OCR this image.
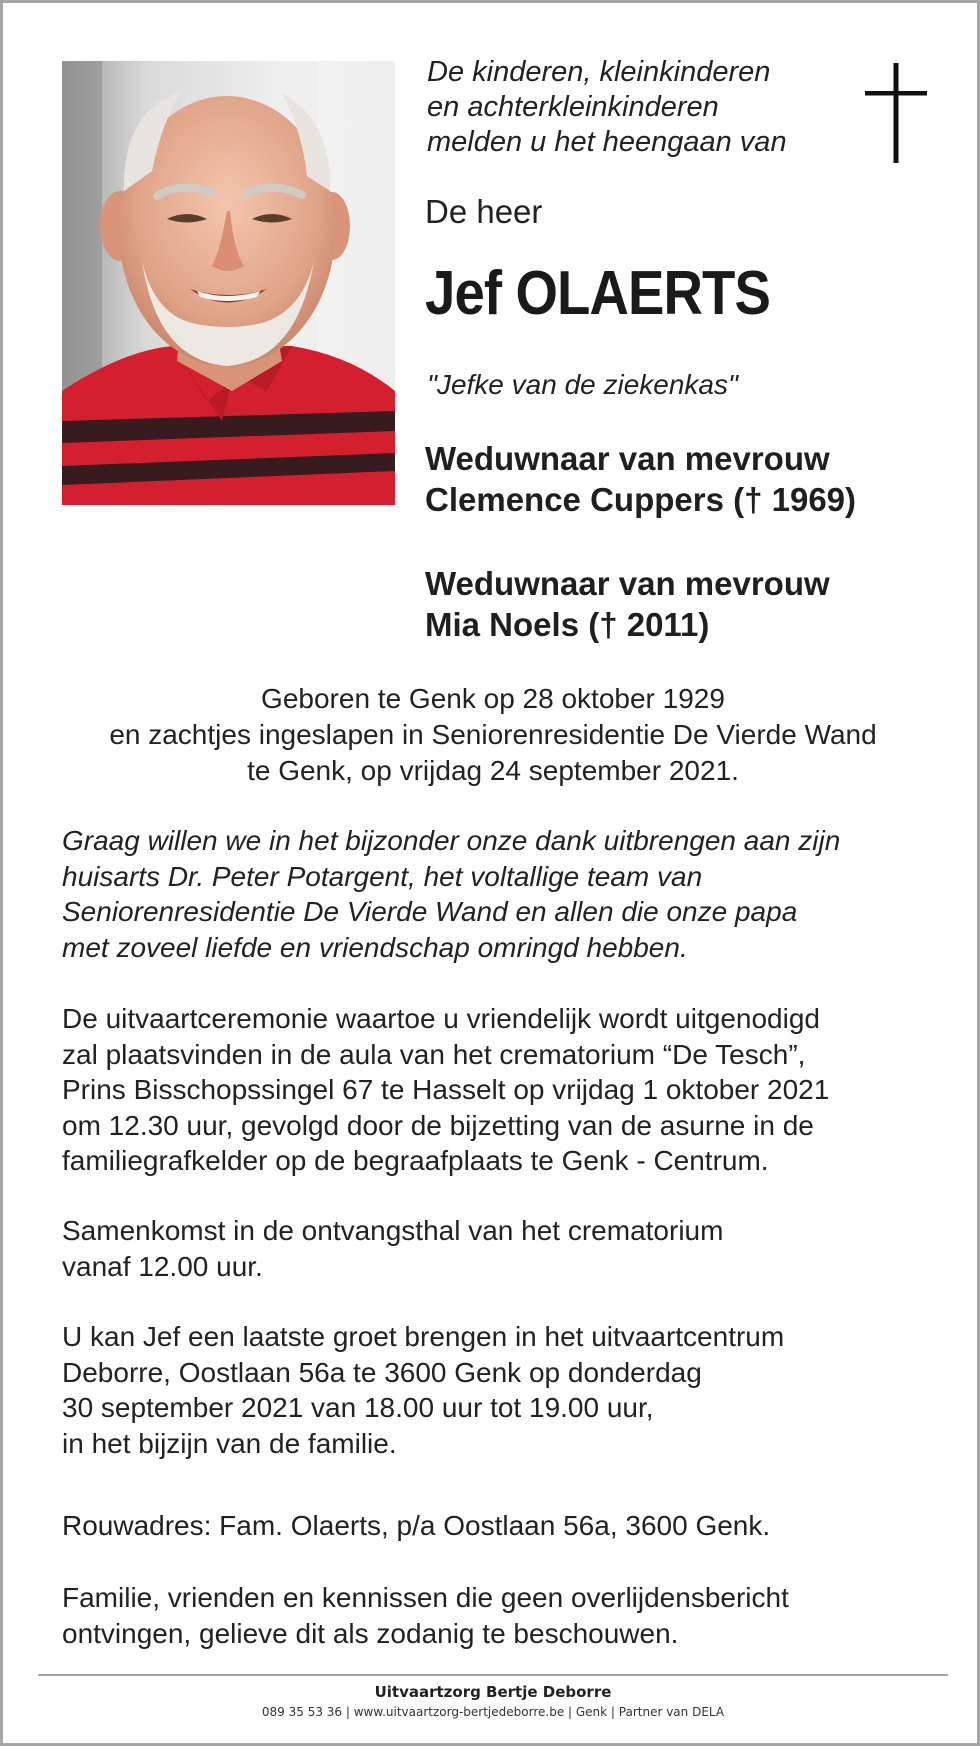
De kinderen, kleinkinderen
en achterkleinkinderen
melden u het heengaan van
De heer
Jef OLAERTS
"Jefke van de ziekenkas"
Weduwnaar van mevrouw
Clemence Cuppers († 1969)
Weduwnaar van mevrouw
Mia Noels († 2011)
Geboren te Genk op 28 oktober 1929
en zachtjes ingeslapen in Seniorenresidentie De Vierde Wand
te Genk, op vrijdag 24 september 2021.
Graag willen we in het bijzonder onze dank uitbrengen aan zijn
huisarts Dr. Peter Potargent, het voltallige team van
Seniorenresidentie De Vierde Wand en allen die onze papa
met zoveel liefde en vriendschap omringd hebben.
De uitvaartceremonie waartoe u vriendelijk wordt uitgenodigd
zal plaatsvinden in de aula van het crematorium “De Tesch”,
Prins Bisschopssingel 67 te Hasselt op vrijdag 1 oktober 2021
om 12.30 uur, gevolgd door de bijzetting van de asurne in de
familiegrafkelder op de begraafplaats te Genk - Centrum.
Samenkomst in de ontvangsthal van het crematorium
vanaf 12.00 uur.
U kan Jef een laatste groet brengen in het uitvaartcentrum
Deborre, Oostlaan 56a te 3600 Genk op donderdag
30 september 2021 van 18.00 uur tot 19.00 uur,
in het bijzijn van de familie.
Rouwadres: Fam. Olaerts, p/a Oostlaan 56a, 3600 Genk.
Familie, vrienden en kennissen die geen overlijdensbericht
ontvingen, gelieve dit als zodanig te beschouwen.
Uitvaartzorg Bertje Deborre
089 35 53 36 | www.uitvaartzorg-bertjedeborre.be | Genk | Partner van DELA
